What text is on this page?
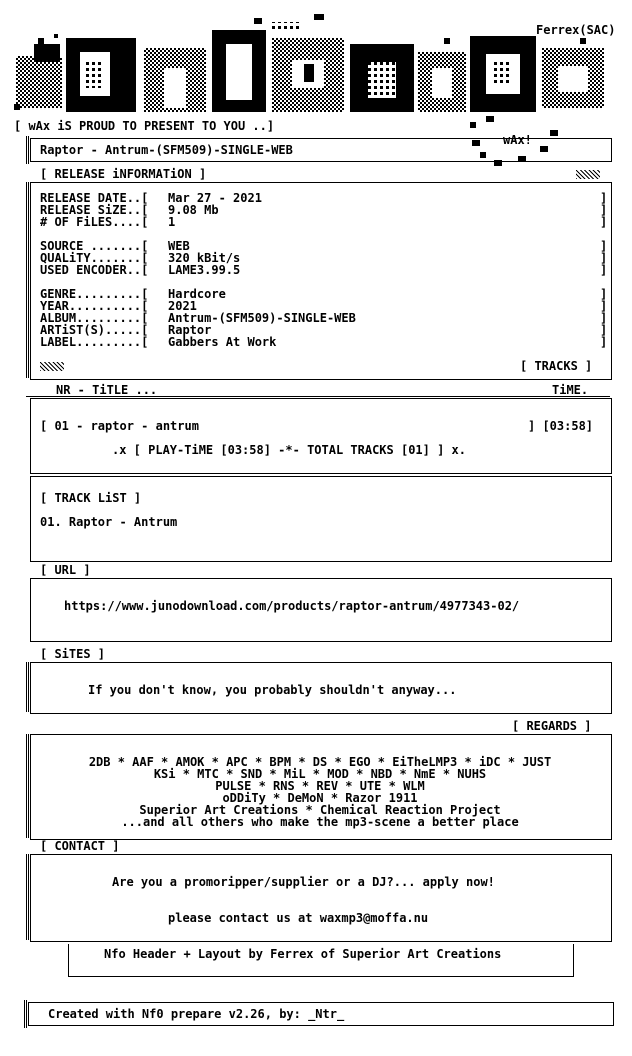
Ferrex(SAC)
[ wAx iS PROUD TO PRESENT TO YOU ..]
wAx!
Raptor - Antrum-(SFM509)-SINGLE-WEB
[ RELEASE iNFORMATiON ]
RELEASE DATE..[ Mar 27 - 2021	]
RELEASE SiZE..[ 9.08 Mb	]
# OF FiLES....[ 1	]
SOURCE .......[ WEB	]
QUALiTY.......[ 320 kBit/s	]
USED ENCODER..[ LAME3.99.5	]
GENRE.........[ Hardcore	]
YEAR..........[ 2021	]
ALBUM.........[ Antrum-(SFM509)-SINGLE-WEB	]
ARTiST(S).....[ Raptor	]
LABEL.........[ Gabbers At Work	]
[ TRACKS ]
NR - TiTLE ...	TiME.
[ 01 - raptor - antrum	] [03:58]
.x [ PLAY-TiME [03:58] -*- TOTAL TRACKS [01] ] x.
[ TRACK LiST ]
01. Raptor - Antrum
[ URL ]
https://www.junodownload.com/products/raptor-antrum/4977343-02/
[ SiTES ]
If you don't know, you probably shouldn't anyway...
[ REGARDS ]
2DB * AAF * AMOK * APC * BPM * DS * EGO * EiTheLMP3 * iDC * JUST
KSi * MTC * SND * MiL * MOD * NBD * NmE * NUHS
PULSE * RNS * REV * UTE * WLM
oDDiTy * DeMoN * Razor 1911
Superior Art Creations * Chemical Reaction Project
...and all others who make the mp3-scene a better place
[ CONTACT ]
Are you a promoripper/supplier or a DJ?... apply now!
please contact us at waxmp3@moffa.nu
Nfo Header + Layout by Ferrex of Superior Art Creations
Created with Nf0 prepare v2.26, by: _Ntr_
